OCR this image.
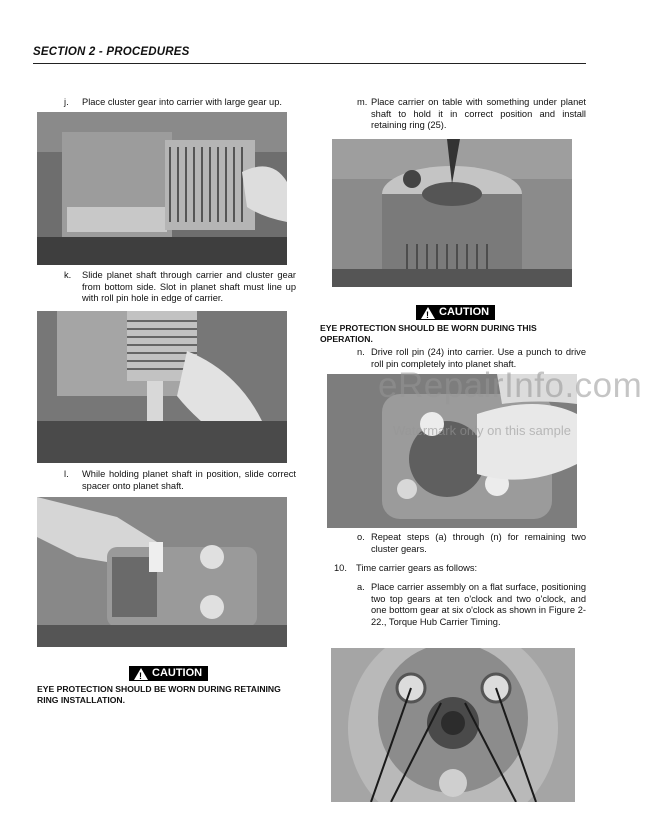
SECTION 2 - PROCEDURES
j. Place cluster gear into carrier with large gear up.
k. Slide planet shaft through carrier and cluster gear from bottom side. Slot in planet shaft must line up with roll pin hole in edge of carrier.
l. While holding planet shaft in position, slide correct spacer onto planet shaft.
!
CAUTION
EYE PROTECTION SHOULD BE WORN DURING RETAINING RING INSTALLATION.
m. Place carrier on table with something under planet shaft to hold it in correct position and install retaining ring (25).
!
CAUTION
EYE PROTECTION SHOULD BE WORN DURING THIS OPERATION.
n. Drive roll pin (24) into carrier. Use a punch to drive roll pin completely into planet shaft.
o. Repeat steps (a) through (n) for remaining two cluster gears.
10. Time carrier gears as follows:
a. Place carrier assembly on a flat surface, positioning two top gears at ten o'clock and two o'clock, and one bottom gear at six o'clock as shown in Figure 2-22., Torque Hub Carrier Timing.
eRepairInfo.com
Watermark only on this sample
